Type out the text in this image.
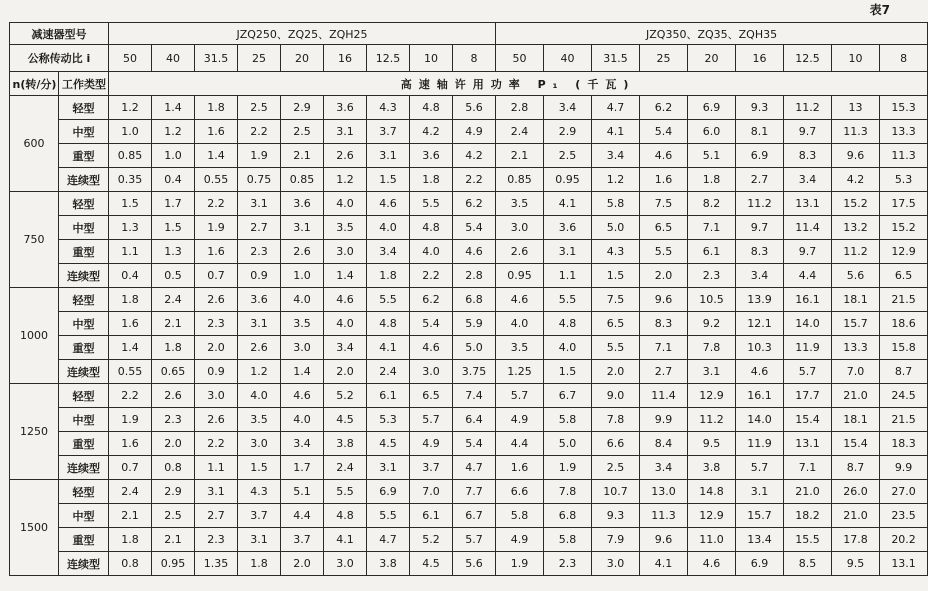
表7
减速器型号		JZQ250、ZQ25、ZQH25									JZQ350、ZQ35、ZQH35								
公称传动比 i		50	40	31.5	25	20	16	12.5	10	8	50	40	31.5	25	20	16	12.5	10	8
n(转/分)	工作类型	高速轴许用功率 P₁ (千瓦)																	
600	轻型	1.2	1.4	1.8	2.5	2.9	3.6	4.3	4.8	5.6	2.8	3.4	4.7	6.2	6.9	9.3	11.2	13	15.3
	中型	1.0	1.2	1.6	2.2	2.5	3.1	3.7	4.2	4.9	2.4	2.9	4.1	5.4	6.0	8.1	9.7	11.3	13.3
	重型	0.85	1.0	1.4	1.9	2.1	2.6	3.1	3.6	4.2	2.1	2.5	3.4	4.6	5.1	6.9	8.3	9.6	11.3
	连续型	0.35	0.4	0.55	0.75	0.85	1.2	1.5	1.8	2.2	0.85	0.95	1.2	1.6	1.8	2.7	3.4	4.2	5.3
750	轻型	1.5	1.7	2.2	3.1	3.6	4.0	4.6	5.5	6.2	3.5	4.1	5.8	7.5	8.2	11.2	13.1	15.2	17.5
	中型	1.3	1.5	1.9	2.7	3.1	3.5	4.0	4.8	5.4	3.0	3.6	5.0	6.5	7.1	9.7	11.4	13.2	15.2
	重型	1.1	1.3	1.6	2.3	2.6	3.0	3.4	4.0	4.6	2.6	3.1	4.3	5.5	6.1	8.3	9.7	11.2	12.9
	连续型	0.4	0.5	0.7	0.9	1.0	1.4	1.8	2.2	2.8	0.95	1.1	1.5	2.0	2.3	3.4	4.4	5.6	6.5
1000	轻型	1.8	2.4	2.6	3.6	4.0	4.6	5.5	6.2	6.8	4.6	5.5	7.5	9.6	10.5	13.9	16.1	18.1	21.5
	中型	1.6	2.1	2.3	3.1	3.5	4.0	4.8	5.4	5.9	4.0	4.8	6.5	8.3	9.2	12.1	14.0	15.7	18.6
	重型	1.4	1.8	2.0	2.6	3.0	3.4	4.1	4.6	5.0	3.5	4.0	5.5	7.1	7.8	10.3	11.9	13.3	15.8
	连续型	0.55	0.65	0.9	1.2	1.4	2.0	2.4	3.0	3.75	1.25	1.5	2.0	2.7	3.1	4.6	5.7	7.0	8.7
1250	轻型	2.2	2.6	3.0	4.0	4.6	5.2	6.1	6.5	7.4	5.7	6.7	9.0	11.4	12.9	16.1	17.7	21.0	24.5
	中型	1.9	2.3	2.6	3.5	4.0	4.5	5.3	5.7	6.4	4.9	5.8	7.8	9.9	11.2	14.0	15.4	18.1	21.5
	重型	1.6	2.0	2.2	3.0	3.4	3.8	4.5	4.9	5.4	4.4	5.0	6.6	8.4	9.5	11.9	13.1	15.4	18.3
	连续型	0.7	0.8	1.1	1.5	1.7	2.4	3.1	3.7	4.7	1.6	1.9	2.5	3.4	3.8	5.7	7.1	8.7	9.9
1500	轻型	2.4	2.9	3.1	4.3	5.1	5.5	6.9	7.0	7.7	6.6	7.8	10.7	13.0	14.8	3.1	21.0	26.0	27.0
	中型	2.1	2.5	2.7	3.7	4.4	4.8	5.5	6.1	6.7	5.8	6.8	9.3	11.3	12.9	15.7	18.2	21.0	23.5
	重型	1.8	2.1	2.3	3.1	3.7	4.1	4.7	5.2	5.7	4.9	5.8	7.9	9.6	11.0	13.4	15.5	17.8	20.2
	连续型	0.8	0.95	1.35	1.8	2.0	3.0	3.8	4.5	5.6	1.9	2.3	3.0	4.1	4.6	6.9	8.5	9.5	13.1
